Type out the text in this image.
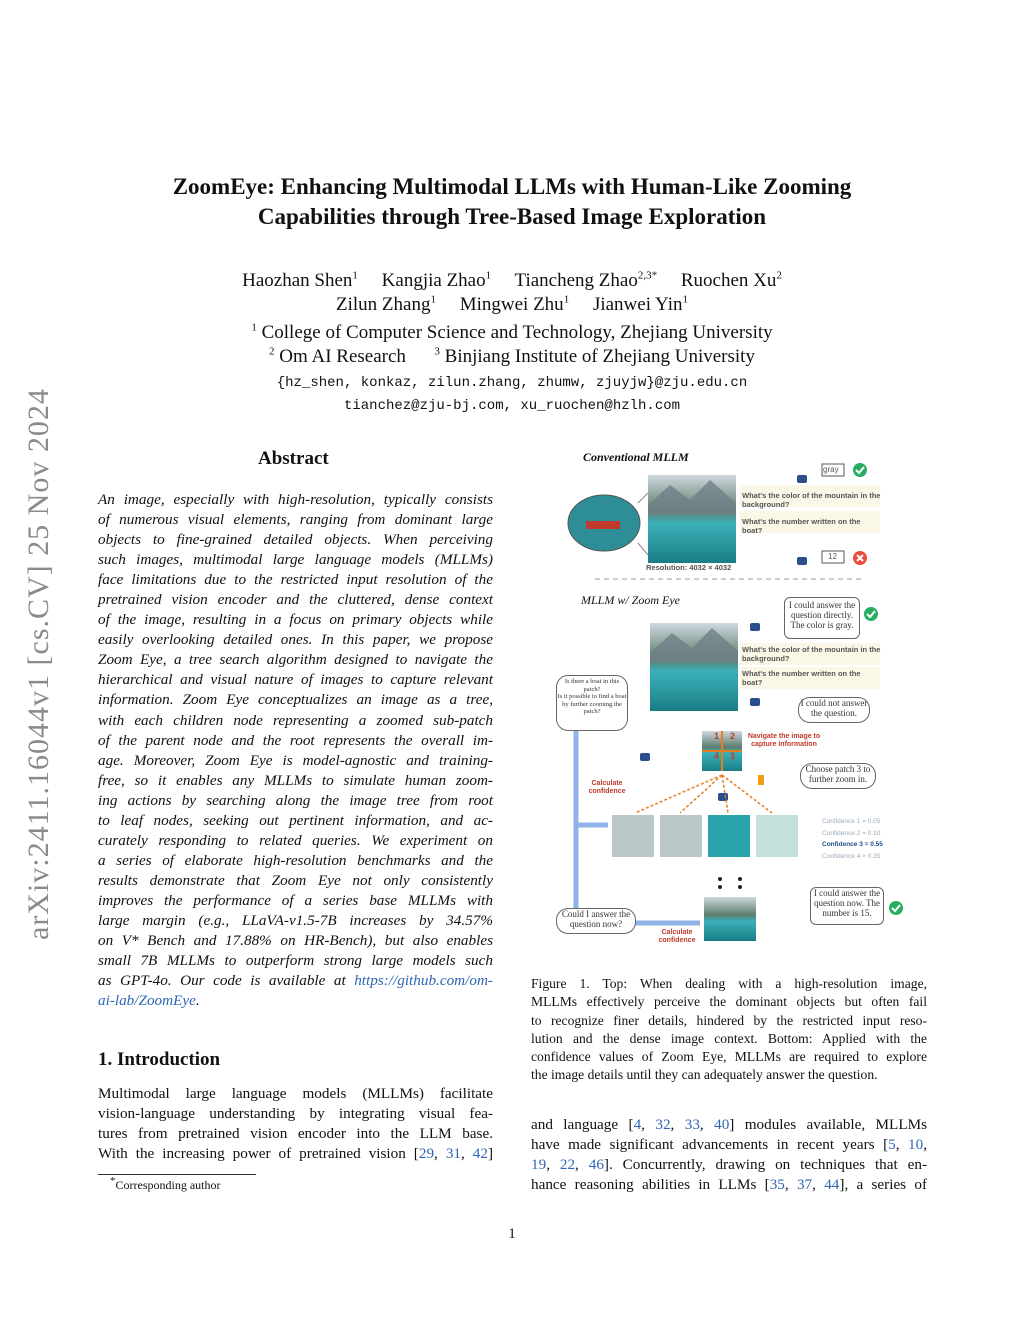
arXiv:2411.16044v1 [cs.CV] 25 Nov 2024
ZoomEye: Enhancing Multimodal LLMs with Human-Like Zooming
Capabilities through Tree-Based Image Exploration
Haozhan Shen$^1$ Kangjia Zhao$^1$ Tiancheng Zhao$^{2,3*}$ Ruochen Xu$^2$
Zilun Zhang$^1$ Mingwei Zhu$^1$ Jianwei Yin$^1$
$^1$ College of Computer Science and Technology, Zhejiang University
$^2$ Om AI Research	$^3$ Binjiang Institute of Zhejiang University
{hz_shen, konkaz, zilun.zhang, zhumw, zjuyjw}@zju.edu.cn
tianchez@zju-bj.com, xu_ruochen@hzlh.com
Abstract
An image, especially with high-resolution, typically consists
of numerous visual elements, ranging from dominant large
objects to fine-grained detailed objects. When perceiving
such images, multimodal large language models (MLLMs)
face limitations due to the restricted input resolution of the
pretrained vision encoder and the cluttered, dense context
of the image, resulting in a focus on primary objects while
easily overlooking detailed ones. In this paper, we propose
Zoom Eye, a tree search algorithm designed to navigate the
hierarchical and visual nature of images to capture relevant
information. Zoom Eye conceptualizes an image as a tree,
with each children node representing a zoomed sub-patch
of the parent node and the root represents the overall im-
age. Moreover, Zoom Eye is model-agnostic and training-
free, so it enables any MLLMs to simulate human zoom-
ing actions by searching along the image tree from root
to leaf nodes, seeking out pertinent information, and ac-
curately responding to related queries. We experiment on
a series of elaborate high-resolution benchmarks and the
results demonstrate that Zoom Eye not only consistently
improves the performance of a series base MLLMs with
large margin (e.g., LLaVA-v1.5-7B increases by 34.57%
on V* Bench and 17.88% on HR-Bench), but also enables
small 7B MLLMs to outperform strong large models such
as GPT-4o. Our code is available at https://github.com/om-
ai-lab/ZoomEye.
1. Introduction
Multimodal large language models (MLLMs) facilitate
vision-language understanding by integrating visual fea-
tures from pretrained vision encoder into the LLM base.
With the increasing power of pretrained vision [29, 31, 42]
*Corresponding author
Conventional MLLM
What's the color of the mountain in the background?
What's the number written on the boat?
gray
12
Resolution: 4032 × 4032
MLLM w/ Zoom Eye
What's the color of the mountain in the background?
What's the number written on the boat?
I could answer the question directly. The color is gray.
I could not answer the question.
Is there a boat in this patch?
Is it possible to find a boat by further zooming the patch?
Navigate the image to capture information
Choose patch 3 to further zoom in.
Calculate confidence
Calculate confidence
1 2
3
4
Confidence 1 = 0.05
Confidence 2 = 0.10
Confidence 3 = 0.55
Confidence 4 = 0.35
I could answer the question now. The number is 15.
Could I answer the question now?
Figure 1. Top: When dealing with a high-resolution image,
MLLMs effectively perceive the dominant objects but often fail
to recognize finer details, hindered by the restricted input reso-
lution and the dense image context. Bottom: Applied with the
confidence values of Zoom Eye, MLLMs are required to explore
the image details until they can adequately answer the question.
and language [4, 32, 33, 40] modules available, MLLMs
have made significant advancements in recent years [5, 10,
19, 22, 46]. Concurrently, drawing on techniques that en-
hance reasoning abilities in LLMs [35, 37, 44], a series of
1
